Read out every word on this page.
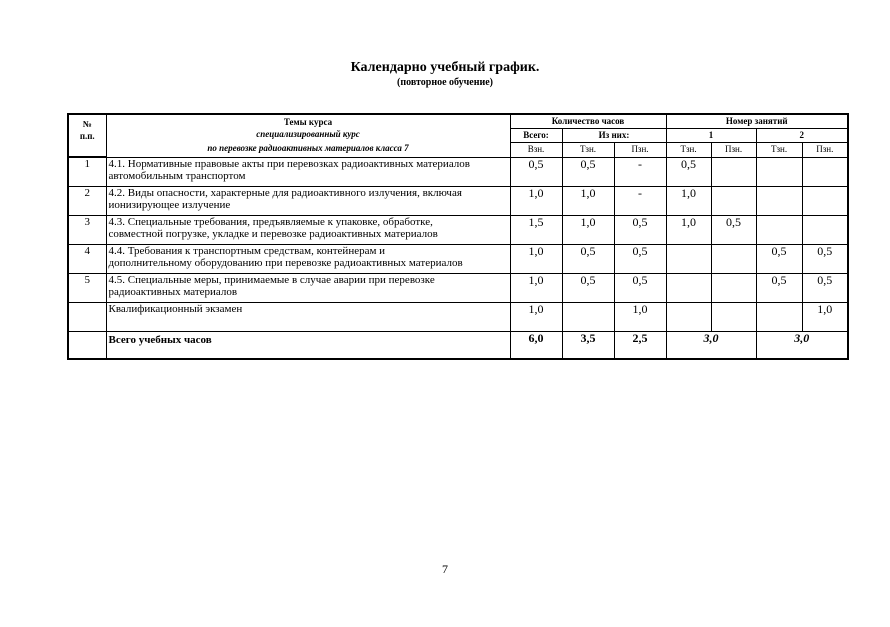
Календарно учебный график.
(повторное обучение)
№
п.п.	Темы курса	Количество часов			Номер занятий			
	специализированный курс	Всего:	Из них:		1		2	
	по перевозке радиоактивных материалов класса 7	Взн.	Тзн.	Пзн.	Тзн.	Пзн.	Тзн.	Пзн.
1	4.1. Нормативные правовые акты при перевозках радиоактивных материалов
автомобильным транспортом	0,5	0,5	-	0,5			
2	4.2. Виды опасности, характерные для радиоактивного излучения, включая
ионизирующее излучение	1,0	1,0	-	1,0			
3	4.3. Специальные требования, предъявляемые к упаковке, обработке,
совместной погрузке, укладке и перевозке радиоактивных материалов	1,5	1,0	0,5	1,0	0,5		
4	4.4. Требования к транспортным средствам, контейнерам и
дополнительному оборудованию при перевозке радиоактивных материалов	1,0	0,5	0,5			0,5	0,5
5	4.5. Специальные меры, принимаемые в случае аварии при перевозке
радиоактивных материалов	1,0	0,5	0,5			0,5	0,5

	Квалификационный экзамен	1,0		1,0				1,0
	Всего учебных часов	6,0	3,5	2,5	3,0		3,0	
7
